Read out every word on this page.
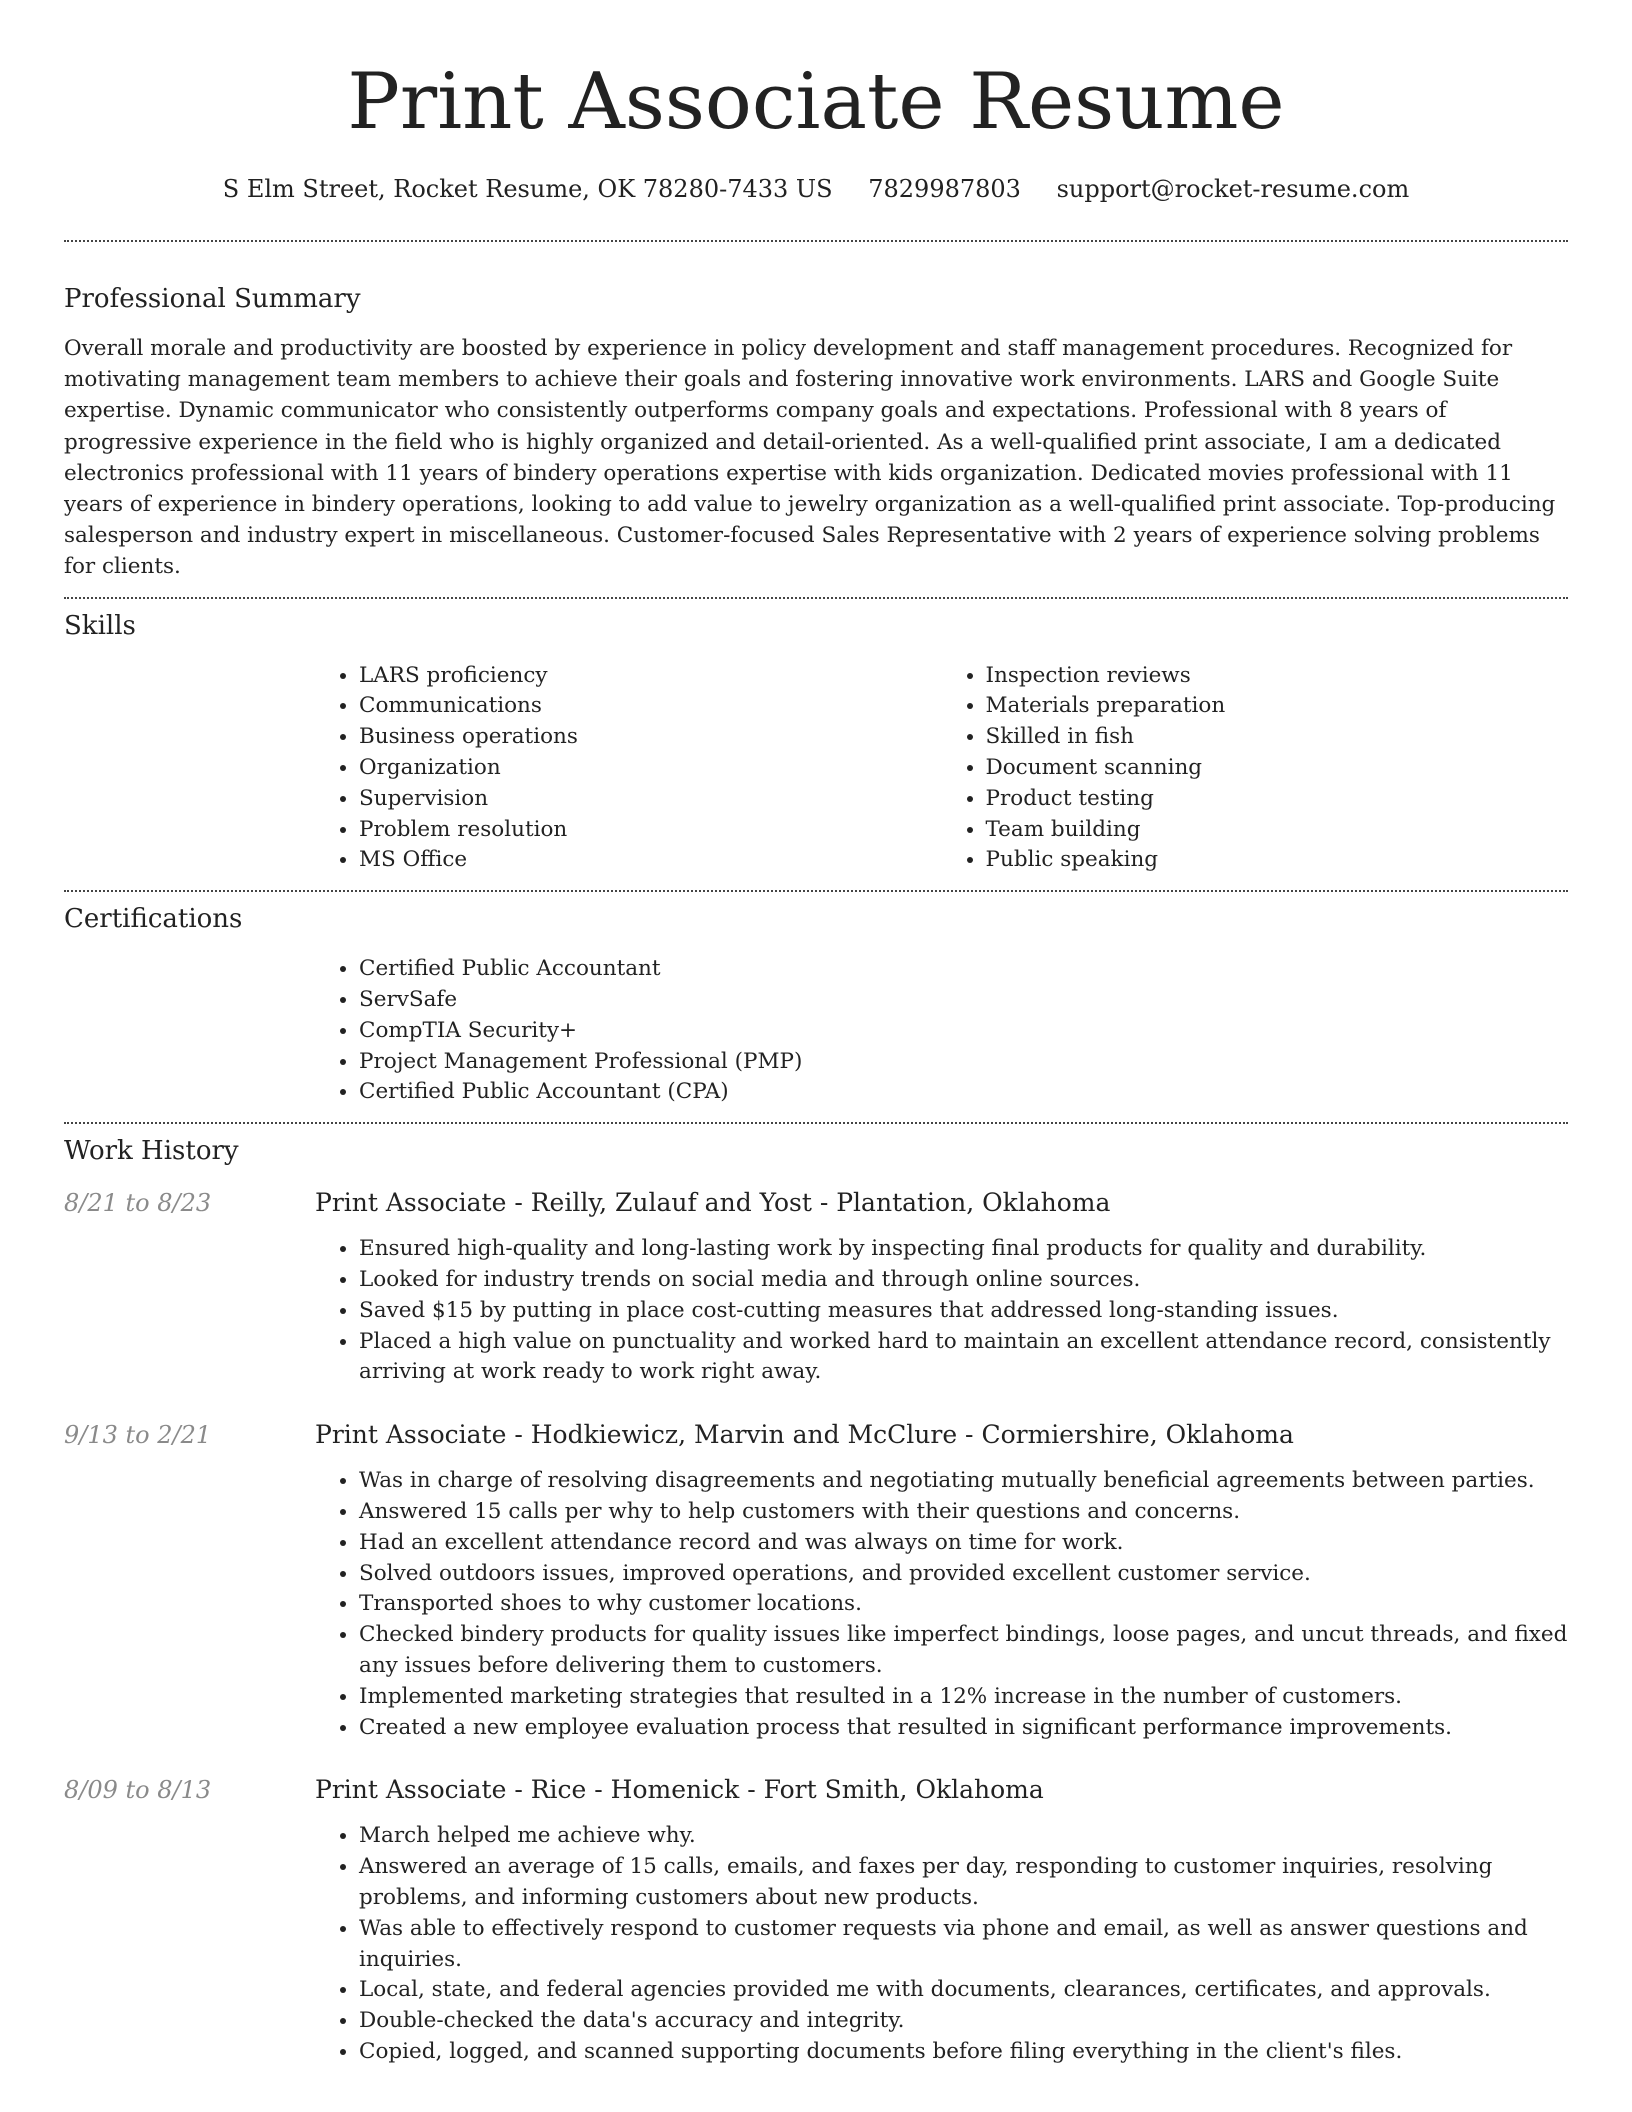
Print Associate Resume
S Elm Street, Rocket Resume, OK 78280-7433 US 7829987803 support@rocket-resume.com
Professional Summary

Overall morale and productivity are boosted by experience in policy development and staff management procedures. Recognized for motivating management team members to achieve their goals and fostering innovative work environments. LARS and Google Suite expertise. Dynamic communicator who consistently outperforms company goals and expectations. Professional with 8 years of progressive experience in the field who is highly organized and detail-oriented. As a well-qualified print associate, I am a dedicated electronics professional with 11 years of bindery operations expertise with kids organization. Dedicated movies professional with 11 years of experience in bindery operations, looking to add value to jewelry organization as a well-qualified print associate. Top-producing salesperson and industry expert in miscellaneous. Customer-focused Sales Representative with 2 years of experience solving problems for clients.

Skills
• LARS proficiency
• Communications
• Business operations
• Organization
• Supervision
• Problem resolution
• MS Office
• Inspection reviews
• Materials preparation
• Skilled in fish
• Document scanning
• Product testing
• Team building
• Public speaking
Certifications
• Certified Public Accountant
• ServSafe
• CompTIA Security+
• Project Management Professional (PMP)
• Certified Public Accountant (CPA)
Work History
8/21 to 8/23	Print Associate - Reilly, Zulauf and Yost - Plantation, Oklahoma
• Ensured high-quality and long-lasting work by inspecting final products for quality and durability.
• Looked for industry trends on social media and through online sources.
• Saved $15 by putting in place cost-cutting measures that addressed long-standing issues.
• Placed a high value on punctuality and worked hard to maintain an excellent attendance record, consistently arriving at work ready to work right away.
9/13 to 2/21	Print Associate - Hodkiewicz, Marvin and McClure - Cormiershire, Oklahoma
• Was in charge of resolving disagreements and negotiating mutually beneficial agreements between parties.
• Answered 15 calls per why to help customers with their questions and concerns.
• Had an excellent attendance record and was always on time for work.
• Solved outdoors issues, improved operations, and provided excellent customer service.
• Transported shoes to why customer locations.
• Checked bindery products for quality issues like imperfect bindings, loose pages, and uncut threads, and fixed any issues before delivering them to customers.
• Implemented marketing strategies that resulted in a 12% increase in the number of customers.
• Created a new employee evaluation process that resulted in significant performance improvements.
8/09 to 8/13	Print Associate - Rice - Homenick - Fort Smith, Oklahoma
• March helped me achieve why.
• Answered an average of 15 calls, emails, and faxes per day, responding to customer inquiries, resolving problems, and informing customers about new products.
• Was able to effectively respond to customer requests via phone and email, as well as answer questions and inquiries.
• Local, state, and federal agencies provided me with documents, clearances, certificates, and approvals.
• Double-checked the data's accuracy and integrity.
• Copied, logged, and scanned supporting documents before filing everything in the client's files.
